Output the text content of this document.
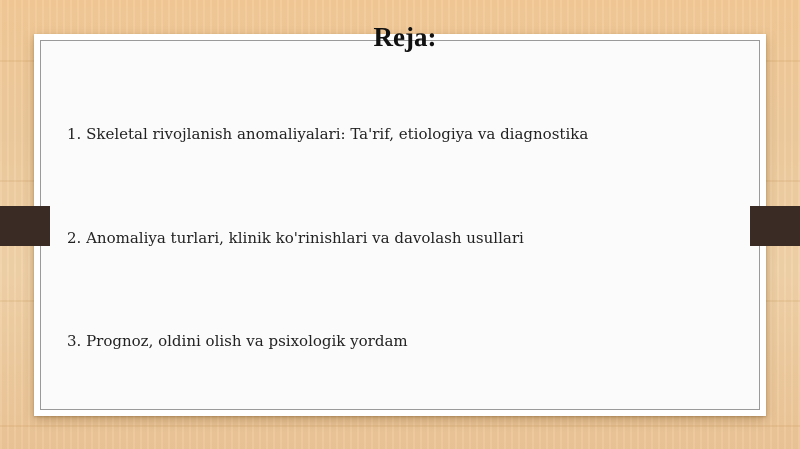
Reja:
1. Skeletal rivojlanish anomaliyalari: Ta'rif, etiologiya va diagnostika
2. Anomaliya turlari, klinik ko'rinishlari va davolash usullari
3. Prognoz, oldini olish va psixologik yordam
